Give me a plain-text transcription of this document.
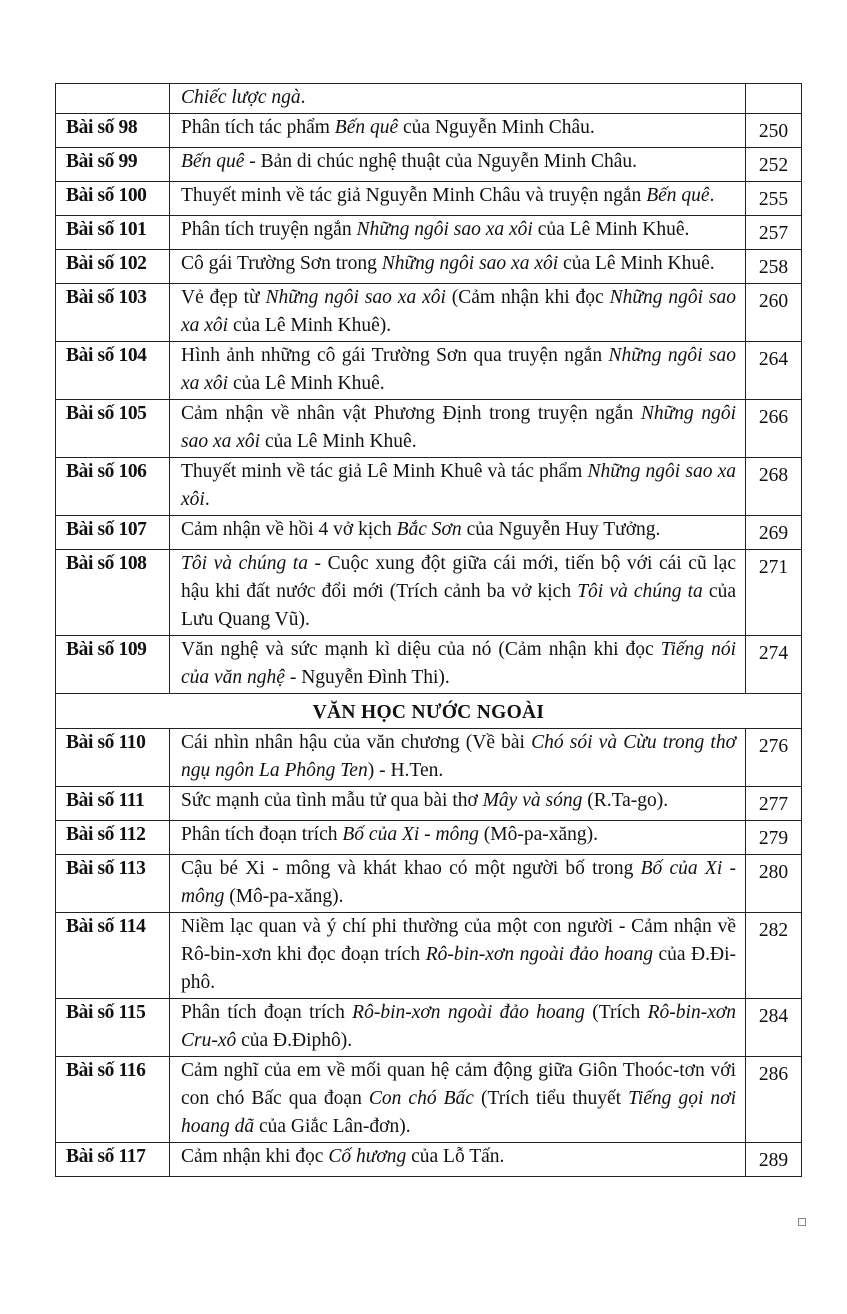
	Chiếc lược ngà.	
Bài số 98	Phân tích tác phẩm Bến quê của Nguyễn Minh Châu.	250
Bài số 99	Bến quê - Bản di chúc nghệ thuật của Nguyễn Minh Châu.	252
Bài số 100	Thuyết minh về tác giả Nguyễn Minh Châu và truyện ngắn Bến quê.	255
Bài số 101	Phân tích truyện ngắn Những ngôi sao xa xôi của Lê Minh Khuê.	257
Bài số 102	Cô gái Trường Sơn trong Những ngôi sao xa xôi của Lê Minh Khuê.	258
Bài số 103	Vẻ đẹp từ Những ngôi sao xa xôi (Cảm nhận khi đọc Những ngôi sao xa xôi của Lê Minh Khuê).	260
Bài số 104	Hình ảnh những cô gái Trường Sơn qua truyện ngắn Những ngôi sao xa xôi của Lê Minh Khuê.	264
Bài số 105	Cảm nhận về nhân vật Phương Định trong truyện ngắn Những ngôi sao xa xôi của Lê Minh Khuê.	266
Bài số 106	Thuyết minh về tác giả Lê Minh Khuê và tác phẩm Những ngôi sao xa xôi.	268
Bài số 107	Cảm nhận về hồi 4 vở kịch Bắc Sơn của Nguyễn Huy Tưởng.	269
Bài số 108	Tôi và chúng ta - Cuộc xung đột giữa cái mới, tiến bộ với cái cũ lạc hậu khi đất nước đổi mới (Trích cảnh ba vở kịch Tôi và chúng ta của Lưu Quang Vũ).	271
Bài số 109	Văn nghệ và sức mạnh kì diệu của nó (Cảm nhận khi đọc Tiếng nói của văn nghệ - Nguyễn Đình Thi).	274
VĂN HỌC NƯỚC NGOÀI		
Bài số 110	Cái nhìn nhân hậu của văn chương (Về bài Chó sói và Cừu trong thơ ngụ ngôn La Phông Ten) - H.Ten.	276
Bài số 111	Sức mạnh của tình mẫu tử qua bài thơ Mây và sóng (R.Ta-go).	277
Bài số 112	Phân tích đoạn trích Bố của Xi - mông (Mô-pa-xăng).	279
Bài số 113	Cậu bé Xi - mông và khát khao có một người bố trong Bố của Xi - mông (Mô-pa-xăng).	280
Bài số 114	Niềm lạc quan và ý chí phi thường của một con người - Cảm nhận về Rô-bin-xơn khi đọc đoạn trích Rô-bin-xơn ngoài đảo hoang của Đ.Đi-phô.	282
Bài số 115	Phân tích đoạn trích Rô-bin-xơn ngoài đảo hoang (Trích Rô-bin-xơn Cru-xô của Đ.Điphô).	284
Bài số 116	Cảm nghĩ của em về mối quan hệ cảm động giữa Giôn Thoóc-tơn với con chó Bấc qua đoạn Con chó Bấc (Trích tiểu thuyết Tiếng gọi nơi hoang dã của Giắc Lân-đơn).	286
Bài số 117	Cảm nhận khi đọc Cố hương của Lỗ Tấn.	289
